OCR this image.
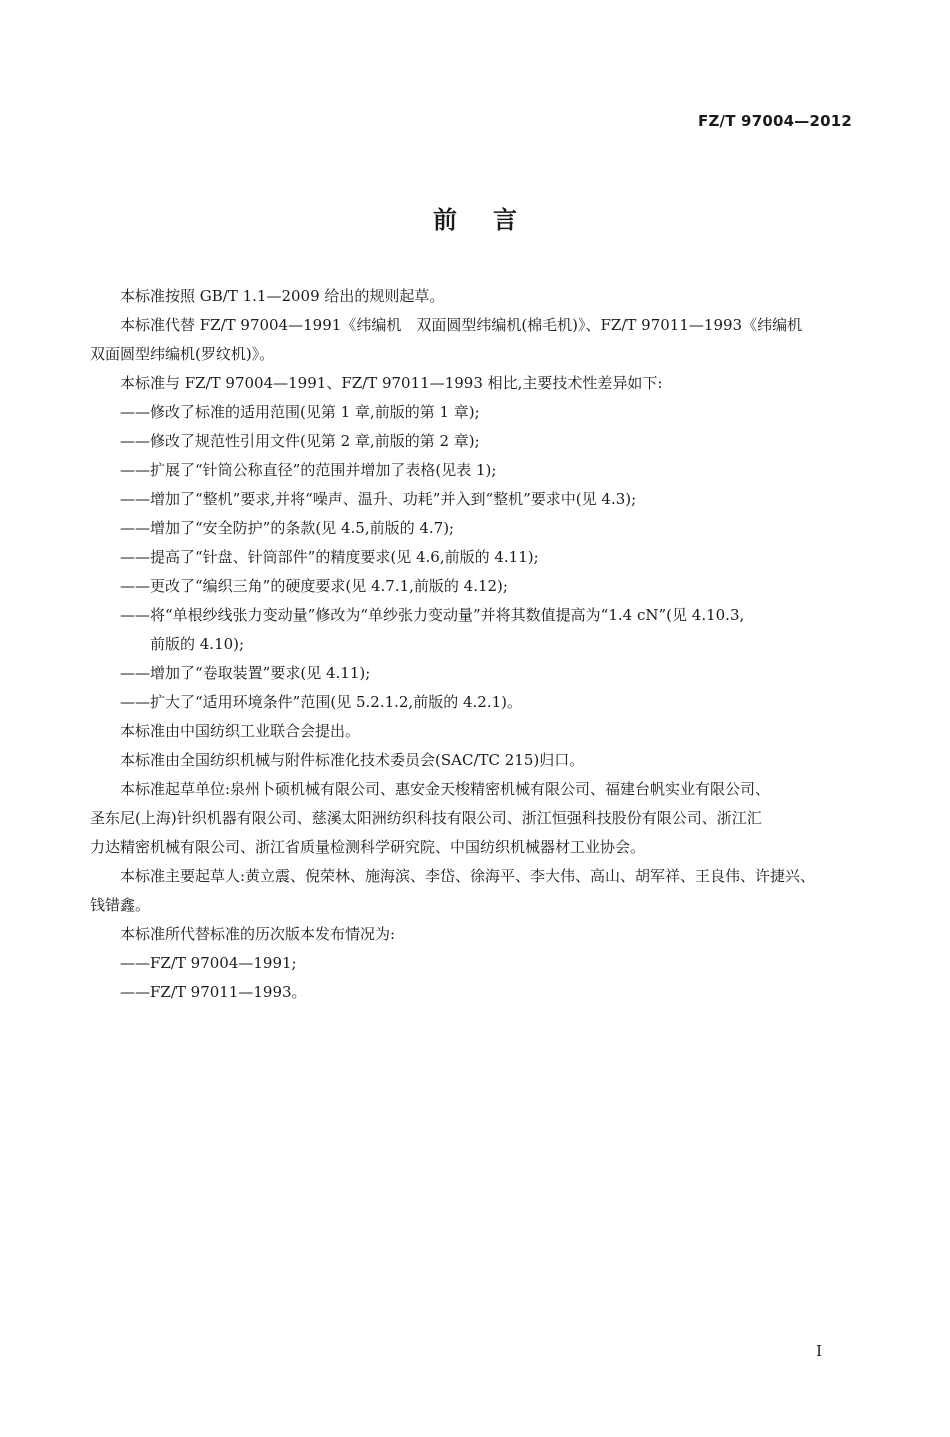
FZ/T 97004—2012
前言

本标准按照 GB/T 1.1—2009 给出的规则起草。

本标准代替 FZ/T 97004—1991《纬编机　双面圆型纬编机(棉毛机)》、FZ/T 97011—1993《纬编机

双面圆型纬编机(罗纹机)》。

本标准与 FZ/T 97004—1991、FZ/T 97011—1993 相比,主要技术性差异如下:

——修改了标准的适用范围(见第 1 章,前版的第 1 章);

——修改了规范性引用文件(见第 2 章,前版的第 2 章);

——扩展了“针筒公称直径”的范围并增加了表格(见表 1);

——增加了“整机”要求,并将“噪声、温升、功耗”并入到“整机”要求中(见 4.3);

——增加了“安全防护”的条款(见 4.5,前版的 4.7);

——提高了“针盘、针筒部件”的精度要求(见 4.6,前版的 4.11);

——更改了“编织三角”的硬度要求(见 4.7.1,前版的 4.12);

——将“单根纱线张力变动量”修改为“单纱张力变动量”并将其数值提高为“1.4 cN”(见 4.10.3,

前版的 4.10);

——增加了“卷取装置”要求(见 4.11);

——扩大了“适用环境条件”范围(见 5.2.1.2,前版的 4.2.1)。

本标准由中国纺织工业联合会提出。

本标准由全国纺织机械与附件标准化技术委员会(SAC/TC 215)归口。

本标准起草单位:泉州卜硕机械有限公司、惠安金天梭精密机械有限公司、福建台帆实业有限公司、

圣东尼(上海)针织机器有限公司、慈溪太阳洲纺织科技有限公司、浙江恒强科技股份有限公司、浙江汇

力达精密机械有限公司、浙江省质量检测科学研究院、中国纺织机械器材工业协会。

本标准主要起草人:黄立震、倪荣林、施海滨、李岱、徐海平、李大伟、高山、胡军祥、王良伟、许捷兴、

钱错鑫。

本标准所代替标准的历次版本发布情况为:

——FZ/T 97004—1991;

——FZ/T 97011—1993。

I
